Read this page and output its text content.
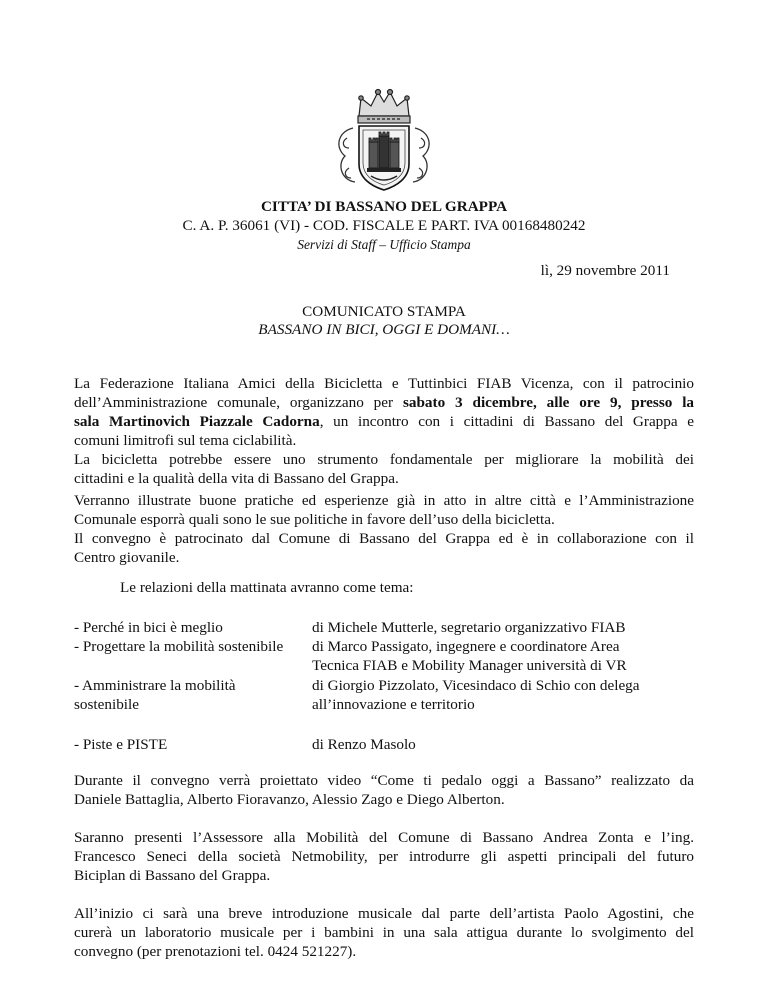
CITTA’ DI BASSANO DEL GRAPPA
C. A. P. 36061 (VI) - COD. FISCALE E PART. IVA 00168480242
Servizi di Staff – Ufficio Stampa
lì, 29 novembre 2011
COMUNICATO STAMPA
BASSANO IN BICI, OGGI E DOMANI…
La Federazione Italiana Amici della Bicicletta e Tuttinbici FIAB Vicenza, con il patrocinio
dell’Amministrazione comunale, organizzano per sabato 3 dicembre, alle ore 9, presso la
sala Martinovich Piazzale Cadorna, un incontro con i cittadini di Bassano del Grappa e
comuni limitrofi sul tema ciclabilità.
La bicicletta potrebbe essere uno strumento fondamentale per migliorare la mobilità dei
cittadini e la qualità della vita di Bassano del Grappa.
Verranno illustrate buone pratiche ed esperienze già in atto in altre città e l’Amministrazione
Comunale esporrà quali sono le sue politiche in favore dell’uso della bicicletta.
Il convegno è patrocinato dal Comune di Bassano del Grappa ed è in collaborazione con il
Centro giovanile.
Le relazioni della mattinata avranno come tema:
- Perché in bici è meglio
- Progettare la mobilità sostenibile
- Amministrare la mobilità
sostenibile
- Piste e PISTE
di Michele Mutterle, segretario organizzativo FIAB
di Marco Passigato, ingegnere e coordinatore Area
Tecnica FIAB e Mobility Manager università di VR
di Giorgio Pizzolato, Vicesindaco di Schio con delega
all’innovazione e territorio
di Renzo Masolo
Durante il convegno verrà proiettato video “Come ti pedalo oggi a Bassano” realizzato da
Daniele Battaglia, Alberto Fioravanzo, Alessio Zago e Diego Alberton.
Saranno presenti l’Assessore alla Mobilità del Comune di Bassano Andrea Zonta e l’ing.
Francesco Seneci della società Netmobility, per introdurre gli aspetti principali del futuro
Biciplan di Bassano del Grappa.
All’inizio ci sarà una breve introduzione musicale dal parte dell’artista Paolo Agostini, che
curerà un laboratorio musicale per i bambini in una sala attigua durante lo svolgimento del
convegno (per prenotazioni tel. 0424 521227).
